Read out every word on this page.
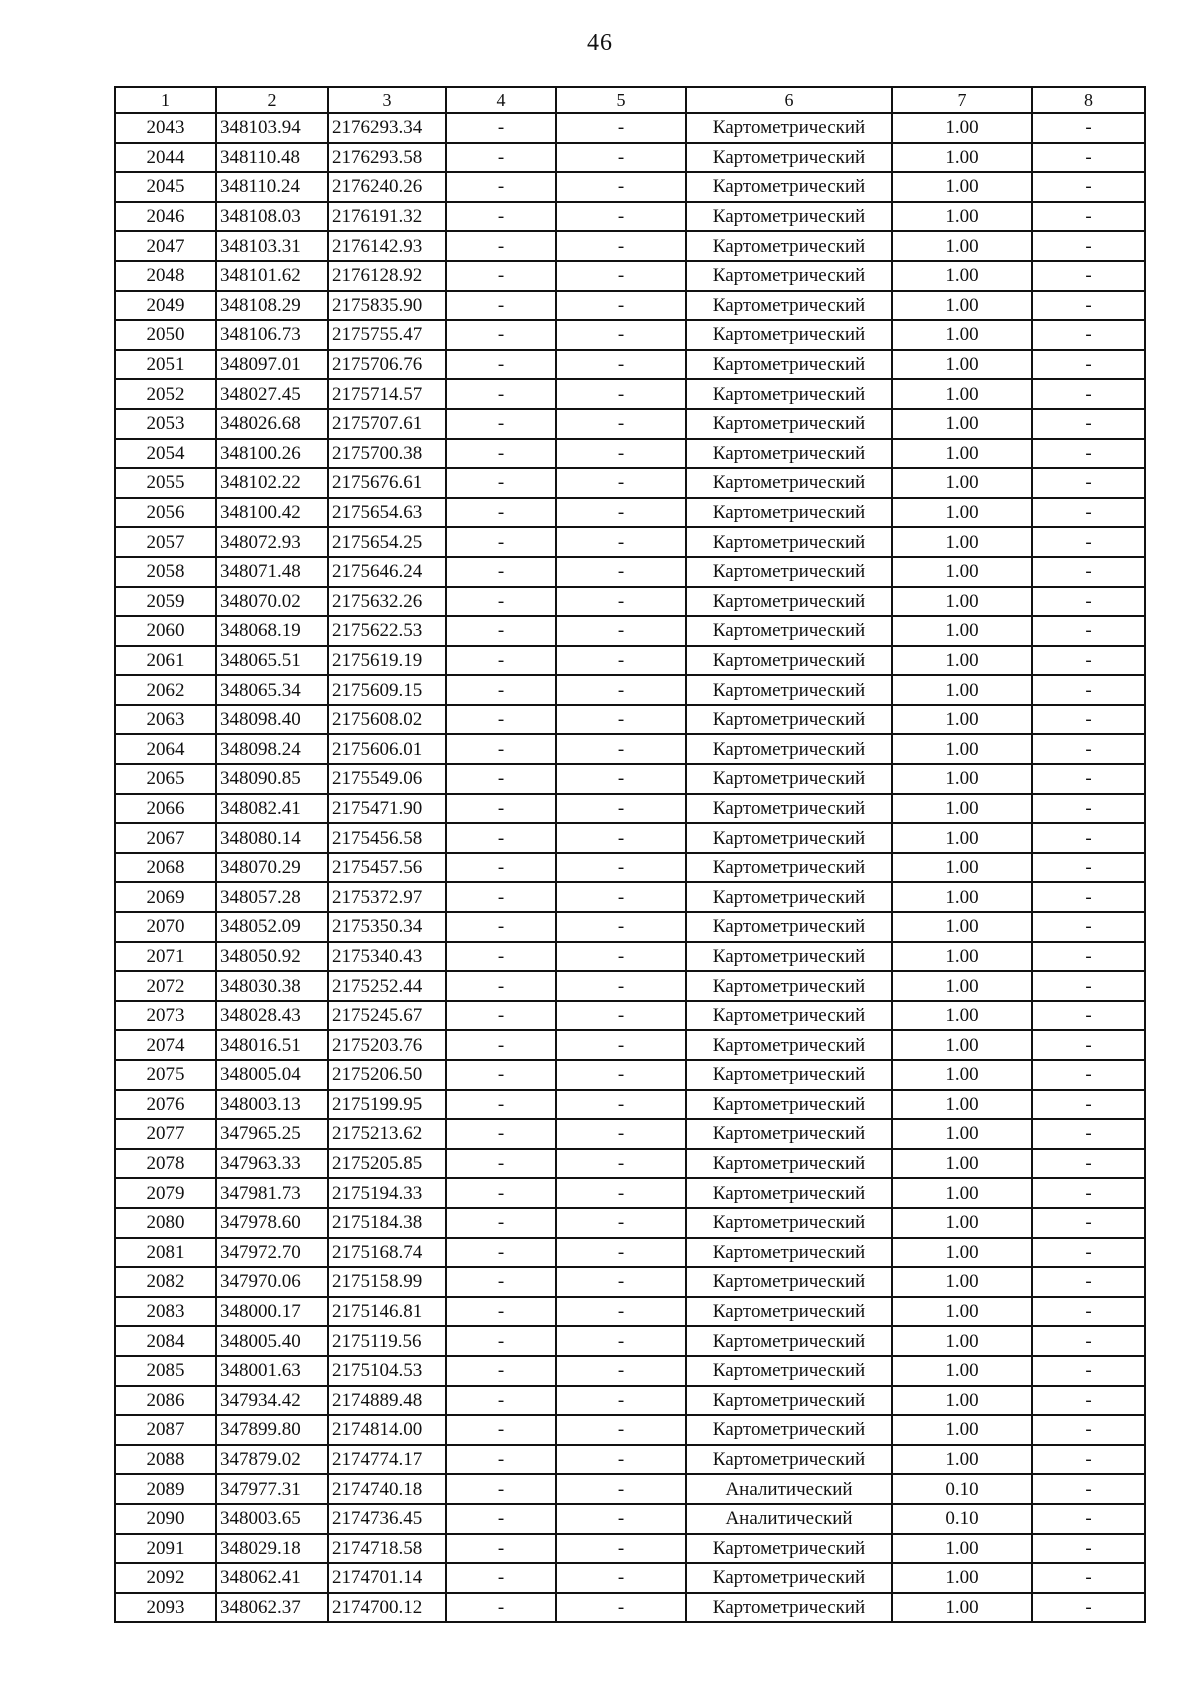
46
1	2	3	4	5	6	7	8
2043	348103.94	2176293.34	-	-	Картометрический	1.00	-
2044	348110.48	2176293.58	-	-	Картометрический	1.00	-
2045	348110.24	2176240.26	-	-	Картометрический	1.00	-
2046	348108.03	2176191.32	-	-	Картометрический	1.00	-
2047	348103.31	2176142.93	-	-	Картометрический	1.00	-
2048	348101.62	2176128.92	-	-	Картометрический	1.00	-
2049	348108.29	2175835.90	-	-	Картометрический	1.00	-
2050	348106.73	2175755.47	-	-	Картометрический	1.00	-
2051	348097.01	2175706.76	-	-	Картометрический	1.00	-
2052	348027.45	2175714.57	-	-	Картометрический	1.00	-
2053	348026.68	2175707.61	-	-	Картометрический	1.00	-
2054	348100.26	2175700.38	-	-	Картометрический	1.00	-
2055	348102.22	2175676.61	-	-	Картометрический	1.00	-
2056	348100.42	2175654.63	-	-	Картометрический	1.00	-
2057	348072.93	2175654.25	-	-	Картометрический	1.00	-
2058	348071.48	2175646.24	-	-	Картометрический	1.00	-
2059	348070.02	2175632.26	-	-	Картометрический	1.00	-
2060	348068.19	2175622.53	-	-	Картометрический	1.00	-
2061	348065.51	2175619.19	-	-	Картометрический	1.00	-
2062	348065.34	2175609.15	-	-	Картометрический	1.00	-
2063	348098.40	2175608.02	-	-	Картометрический	1.00	-
2064	348098.24	2175606.01	-	-	Картометрический	1.00	-
2065	348090.85	2175549.06	-	-	Картометрический	1.00	-
2066	348082.41	2175471.90	-	-	Картометрический	1.00	-
2067	348080.14	2175456.58	-	-	Картометрический	1.00	-
2068	348070.29	2175457.56	-	-	Картометрический	1.00	-
2069	348057.28	2175372.97	-	-	Картометрический	1.00	-
2070	348052.09	2175350.34	-	-	Картометрический	1.00	-
2071	348050.92	2175340.43	-	-	Картометрический	1.00	-
2072	348030.38	2175252.44	-	-	Картометрический	1.00	-
2073	348028.43	2175245.67	-	-	Картометрический	1.00	-
2074	348016.51	2175203.76	-	-	Картометрический	1.00	-
2075	348005.04	2175206.50	-	-	Картометрический	1.00	-
2076	348003.13	2175199.95	-	-	Картометрический	1.00	-
2077	347965.25	2175213.62	-	-	Картометрический	1.00	-
2078	347963.33	2175205.85	-	-	Картометрический	1.00	-
2079	347981.73	2175194.33	-	-	Картометрический	1.00	-
2080	347978.60	2175184.38	-	-	Картометрический	1.00	-
2081	347972.70	2175168.74	-	-	Картометрический	1.00	-
2082	347970.06	2175158.99	-	-	Картометрический	1.00	-
2083	348000.17	2175146.81	-	-	Картометрический	1.00	-
2084	348005.40	2175119.56	-	-	Картометрический	1.00	-
2085	348001.63	2175104.53	-	-	Картометрический	1.00	-
2086	347934.42	2174889.48	-	-	Картометрический	1.00	-
2087	347899.80	2174814.00	-	-	Картометрический	1.00	-
2088	347879.02	2174774.17	-	-	Картометрический	1.00	-
2089	347977.31	2174740.18	-	-	Аналитический	0.10	-
2090	348003.65	2174736.45	-	-	Аналитический	0.10	-
2091	348029.18	2174718.58	-	-	Картометрический	1.00	-
2092	348062.41	2174701.14	-	-	Картометрический	1.00	-
2093	348062.37	2174700.12	-	-	Картометрический	1.00	-
